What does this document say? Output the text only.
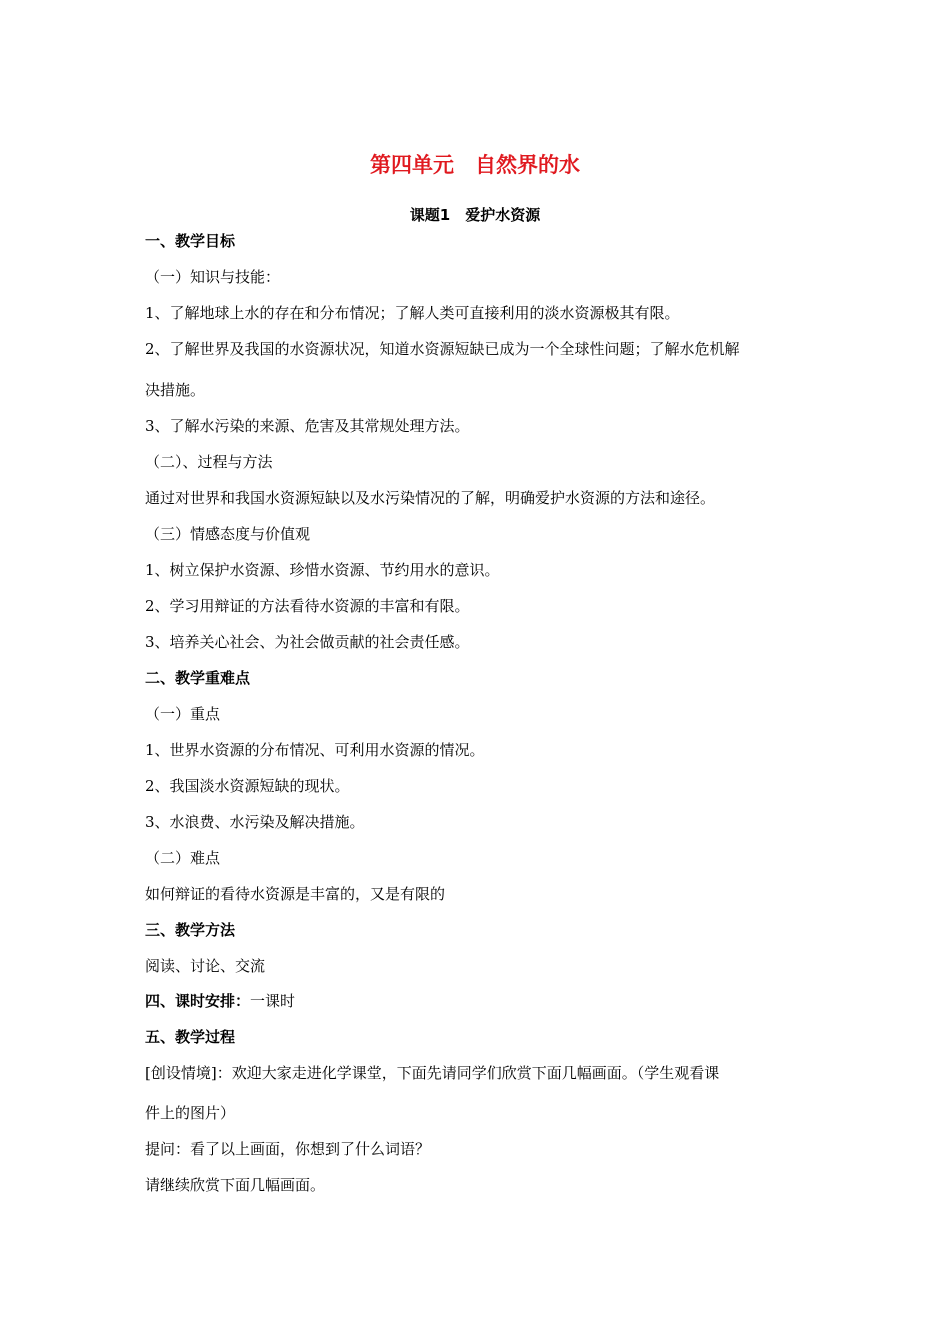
第四单元　自然界的水
课题1　爱护水资源
一、教学目标
（一）知识与技能：
1、了解地球上水的存在和分布情况；了解人类可直接利用的淡水资源极其有限。
2、了解世界及我国的水资源状况，知道水资源短缺已成为一个全球性问题；了解水危机解
决措施。
3、了解水污染的来源、危害及其常规处理方法。
（二）、过程与方法
通过对世界和我国水资源短缺以及水污染情况的了解，明确爱护水资源的方法和途径。
（三）情感态度与价值观
1、树立保护水资源、珍惜水资源、节约用水的意识。
2、学习用辩证的方法看待水资源的丰富和有限。
3、培养关心社会、为社会做贡献的社会责任感。
二、教学重难点
（一）重点
1、世界水资源的分布情况、可利用水资源的情况。
2、我国淡水资源短缺的现状。
3、水浪费、水污染及解决措施。
（二）难点
如何辩证的看待水资源是丰富的，又是有限的
三、教学方法
阅读、讨论、交流
四、课时安排：一课时
五、教学过程
[创设情境]：欢迎大家走进化学课堂，下面先请同学们欣赏下面几幅画面。（学生观看课
件上的图片）
提问：看了以上画面，你想到了什么词语？
请继续欣赏下面几幅画面。
